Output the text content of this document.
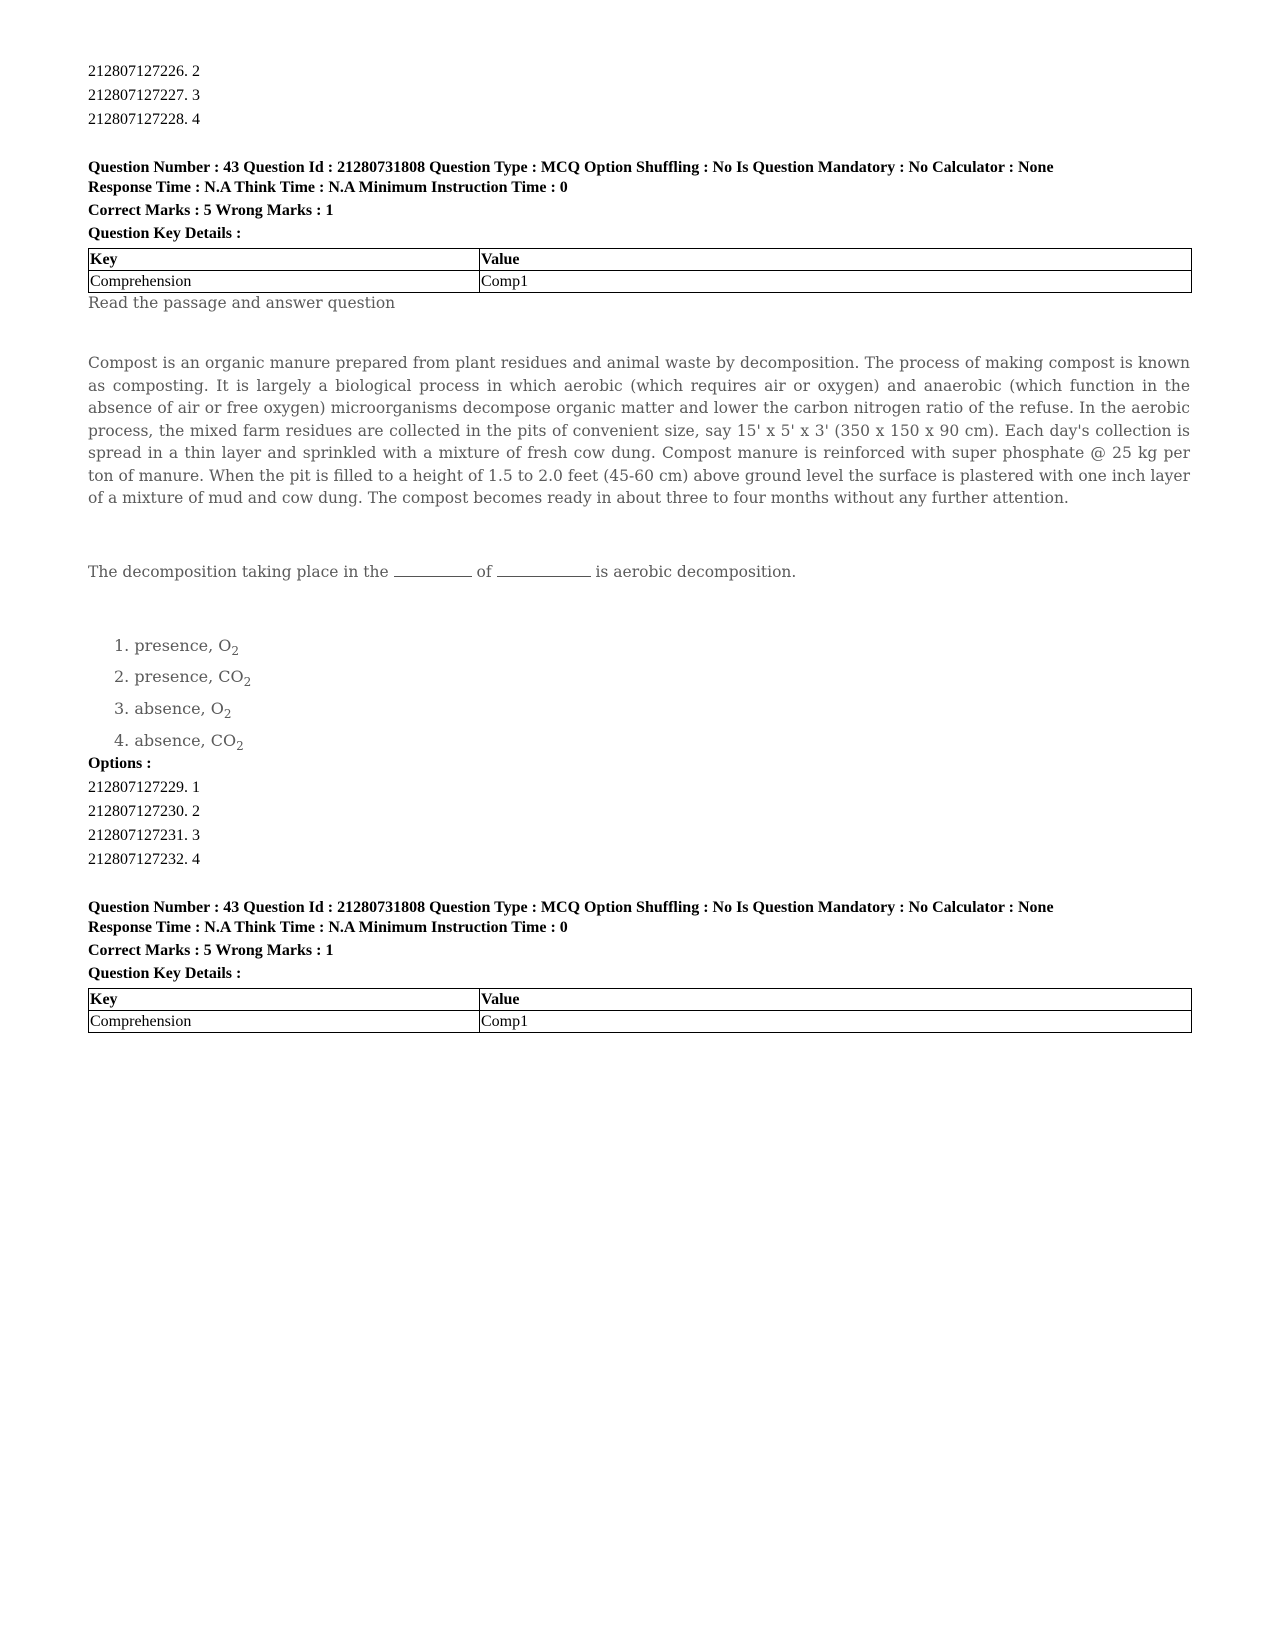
212807127226. 2
212807127227. 3
212807127228. 4
Question Number : 43 Question Id : 21280731808 Question Type : MCQ Option Shuffling : No Is Question Mandatory : No Calculator : None
Response Time : N.A Think Time : N.A Minimum Instruction Time : 0
Correct Marks : 5 Wrong Marks : 1
Question Key Details :
Key	Value
Comprehension	Comp1
Read the passage and answer question
Compost is an organic manure prepared from plant residues and animal waste by decomposition. The process of making compost is known as composting. It is largely a biological process in which aerobic (which requires air or oxygen) and anaerobic (which function in the absence of air or free oxygen) microorganisms decompose organic matter and lower the carbon nitrogen ratio of the refuse. In the aerobic process, the mixed farm residues are collected in the pits of convenient size, say 15' x 5' x 3' (350 x 150 x 90 cm). Each day's collection is spread in a thin layer and sprinkled with a mixture of fresh cow dung. Compost manure is reinforced with super phosphate @ 25 kg per ton of manure. When the pit is filled to a height of 1.5 to 2.0 feet (45-60 cm) above ground level the surface is plastered with one inch layer of a mixture of mud and cow dung. The compost becomes ready in about three to four months without any further attention.
The decomposition taking place in the	of	is aerobic decomposition.
1. presence, $O_2$
2. presence, $CO_2$
3. absence, $O_2$
4. absence, $CO_2$
Options :
212807127229. 1
212807127230. 2
212807127231. 3
212807127232. 4
Question Number : 43 Question Id : 21280731808 Question Type : MCQ Option Shuffling : No Is Question Mandatory : No Calculator : None
Response Time : N.A Think Time : N.A Minimum Instruction Time : 0
Correct Marks : 5 Wrong Marks : 1
Question Key Details :
Key	Value
Comprehension	Comp1
